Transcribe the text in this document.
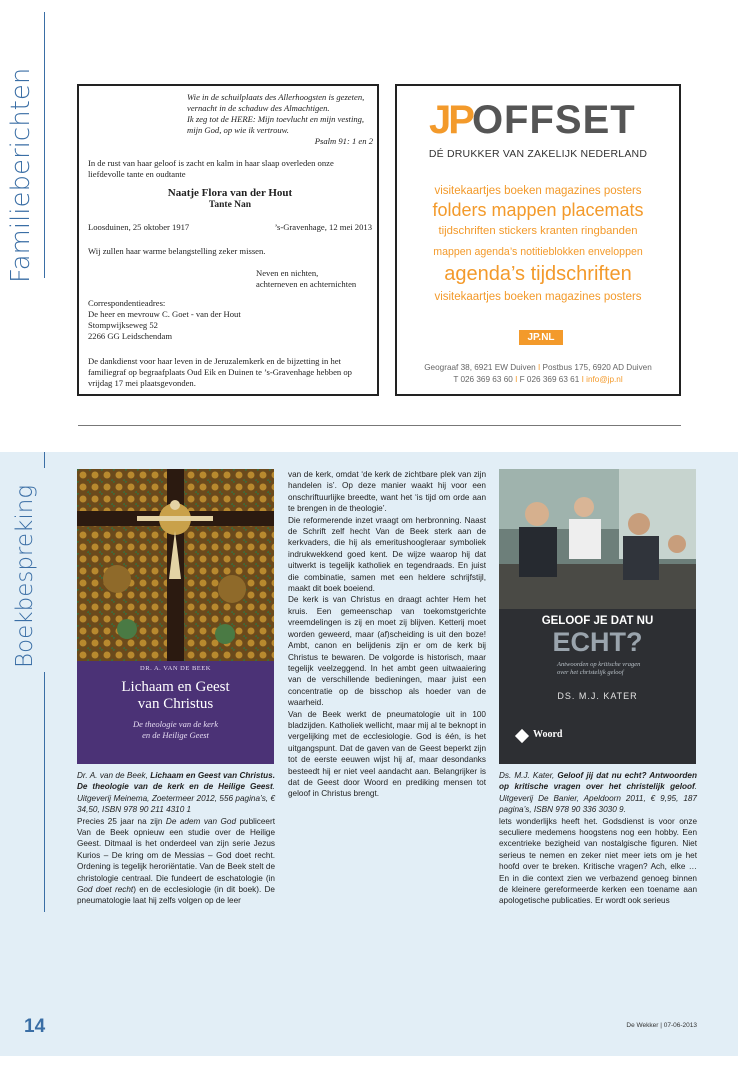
Familieberichten	Wie in de schuilplaats des Allerhoogsten is gezeten,

vernacht in de schaduw des Almachtigen.

Ik zeg tot de HERE: Mijn toevlucht en mijn vesting,

mijn God, op wie ik vertrouw.

Psalm 91: 1 en 2

In de rust van haar geloof is zacht en kalm in haar slaap overleden onze liefdevolle tante en oudtante

Naatje Flora van der Hout

Tante Nan

Loosduinen, 25 oktober 1917	’s-Gravenhage, 12 mei 2013

Wij zullen haar warme belangstelling zeker missen.

Neven en nichten,

achterneven en achternichten

Correspondentieadres:

De heer en mevrouw C. Goet - van der Hout

Stompwijkseweg 52

2266 GG Leidschendam

De dankdienst voor haar leven in de Jeruzalemkerk en de bijzetting in het familiegraf op begraafplaats Oud Eik en Duinen te ’s-Gravenhage hebben op vrijdag 17 mei plaatsgevonden.

JPOFFSET
DÉ DRUKKER VAN ZAKELIJK NEDERLAND
visitekaartjes boeken magazines posters
folders mappen placemats
tijdschriften stickers kranten ringbanden
mappen agenda’s notitieblokken enveloppen
agenda’s tijdschriften
visitekaartjes boeken magazines posters
JP.NL
Geograaf 38, 6921 EW Duiven I Postbus 175, 6920 AD Duiven
T 026 369 63 60 I F 026 369 63 61 I info@jp.nl
Boekbespreking
DR. A. VAN DE BEEK
Lichaam en Geest
van Christus
De theologie van de kerk
en de Heilige Geest

Dr. A. van de Beek, Lichaam en Geest van Christus. De theologie van de kerk en de Heilige Geest. Uitgeverij Meinema, Zoetermeer 2012, 556 pagina’s, € 34,50, ISBN 978 90 211 4310 1

Precies 25 jaar na zijn De adem van God publiceert Van de Beek opnieuw een studie over de Heilige Geest. Ditmaal is het onderdeel van zijn serie Jezus Kurios – De kring om de Messias – God doet recht. Ordening is tegelijk heroriëntatie. Van de Beek stelt de christologie centraal. Die fundeert de eschatologie (in God doet recht) en de ecclesiologie (in dit boek). De pneumatologie laat hij zelfs volgen op de leer

van de kerk, omdat ‘de kerk de zichtbare plek van zijn handelen is’. Op deze manier waakt hij voor een onschriftuurlijke breedte, want het ‘is tijd om orde aan te brengen in de theologie’.

Die reformerende inzet vraagt om herbronning. Naast de Schrift zelf hecht Van de Beek sterk aan de kerkvaders, die hij als emeritushoogleraar symboliek indrukwekkend goed kent. De wijze waarop hij dat uitwerkt is tegelijk katholiek en tegendraads. En juist die combinatie, samen met een heldere schrijfstijl, maakt dit boek boeiend.

De kerk is van Christus en draagt achter Hem het kruis. Een gemeenschap van toekomstgerichte vreemdelingen is zij en moet zij blijven. Ketterij moet worden geweerd, maar (af)scheiding is uit den boze! Ambt, canon en belijdenis zijn er om de kerk bij Christus te bewaren. De volgorde is historisch, maar tegelijk veelzeggend. In het ambt geen uitwaaiering van de verschillende bedieningen, maar juist een concentratie op de bisschop als hoeder van de waarheid.

Van de Beek werkt de pneumatologie uit in 100 bladzijden. Katholiek wellicht, maar mij al te beknopt in vergelijking met de ecclesiologie. God is één, is het uitgangspunt. Dat de gaven van de Geest beperkt zijn tot de eerste eeuwen wijst hij af, maar desondanks besteedt hij er niet veel aandacht aan. Belangrijker is dat de Geest door Woord en prediking mensen tot geloof in Christus brengt.

GELOOF JE DAT NU
ECHT?
Antwoorden op kritische vragen
over het christelijk geloof
DS. M.J. KATER
Woord

Ds. M.J. Kater, Geloof jij dat nu echt? Antwoorden op kritische vragen over het christelijk geloof. Uitgeverij De Banier, Apeldoorn 2011, € 9,95, 187 pagina’s, ISBN 978 90 336 3030 9.

lets wonderlijks heeft het. Godsdienst is voor onze seculiere medemens hoogstens nog een hobby. Een excentrieke bezigheid van nostalgische figuren. Niet serieus te nemen en zeker niet meer iets om je het hoofd over te breken. Kritische vragen? Ach, elke … En in die context zien we verbazend genoeg binnen de kleinere gereformeerde kerken een toename aan apologetische publicaties. Er wordt ook serieus

14	De Wekker | 07-06-2013
